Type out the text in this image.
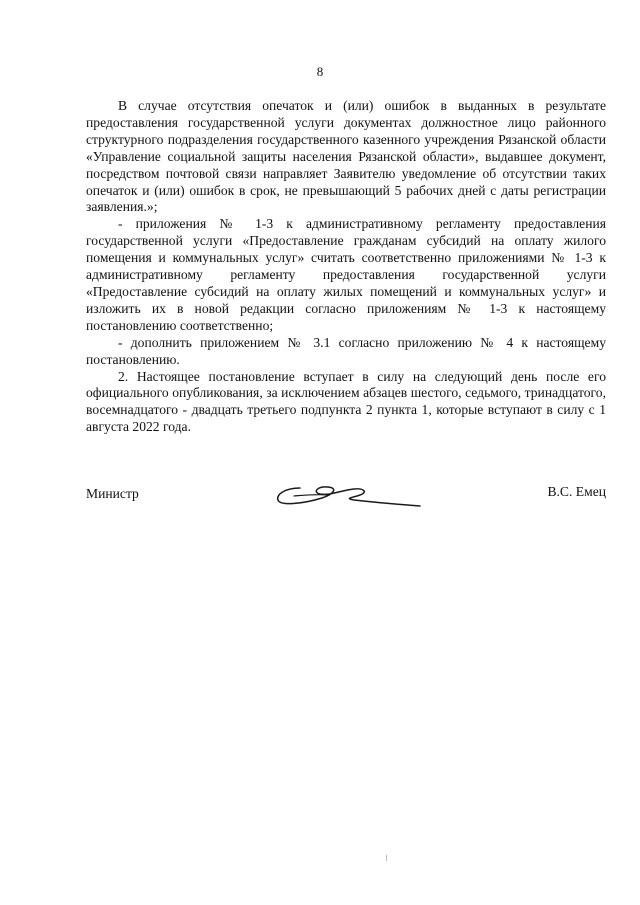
8

В случае отсутствия опечаток и (или) ошибок в выданных в результате предоставления государственной услуги документах должностное лицо районного структурного подразделения государственного казенного учреждения Рязанской области «Управление социальной защиты населения Рязанской области», выдавшее документ, посредством почтовой связи направляет Заявителю уведомление об отсутствии таких опечаток и (или) ошибок в срок, не превышающий 5 рабочих дней с даты регистрации заявления.»;

- приложения № 1-3 к административному регламенту предоставления государственной услуги «Предоставление гражданам субсидий на оплату жилого помещения и коммунальных услуг» считать соответственно приложениями № 1-3 к административному регламенту предоставления государственной услуги «Предоставление субсидий на оплату жилых помещений и коммунальных услуг» и изложить их в новой редакции согласно приложениям № 1-3 к настоящему постановлению соответственно;

- дополнить приложением № 3.1 согласно приложению № 4 к настоящему постановлению.

2. Настоящее постановление вступает в силу на следующий день после его официального опубликования, за исключением абзацев шестого, седьмого, тринадцатого, восемнадцатого - двадцать третьего подпункта 2 пункта 1, которые вступают в силу с 1 августа 2022 года.

Министр	В.С. Емец
